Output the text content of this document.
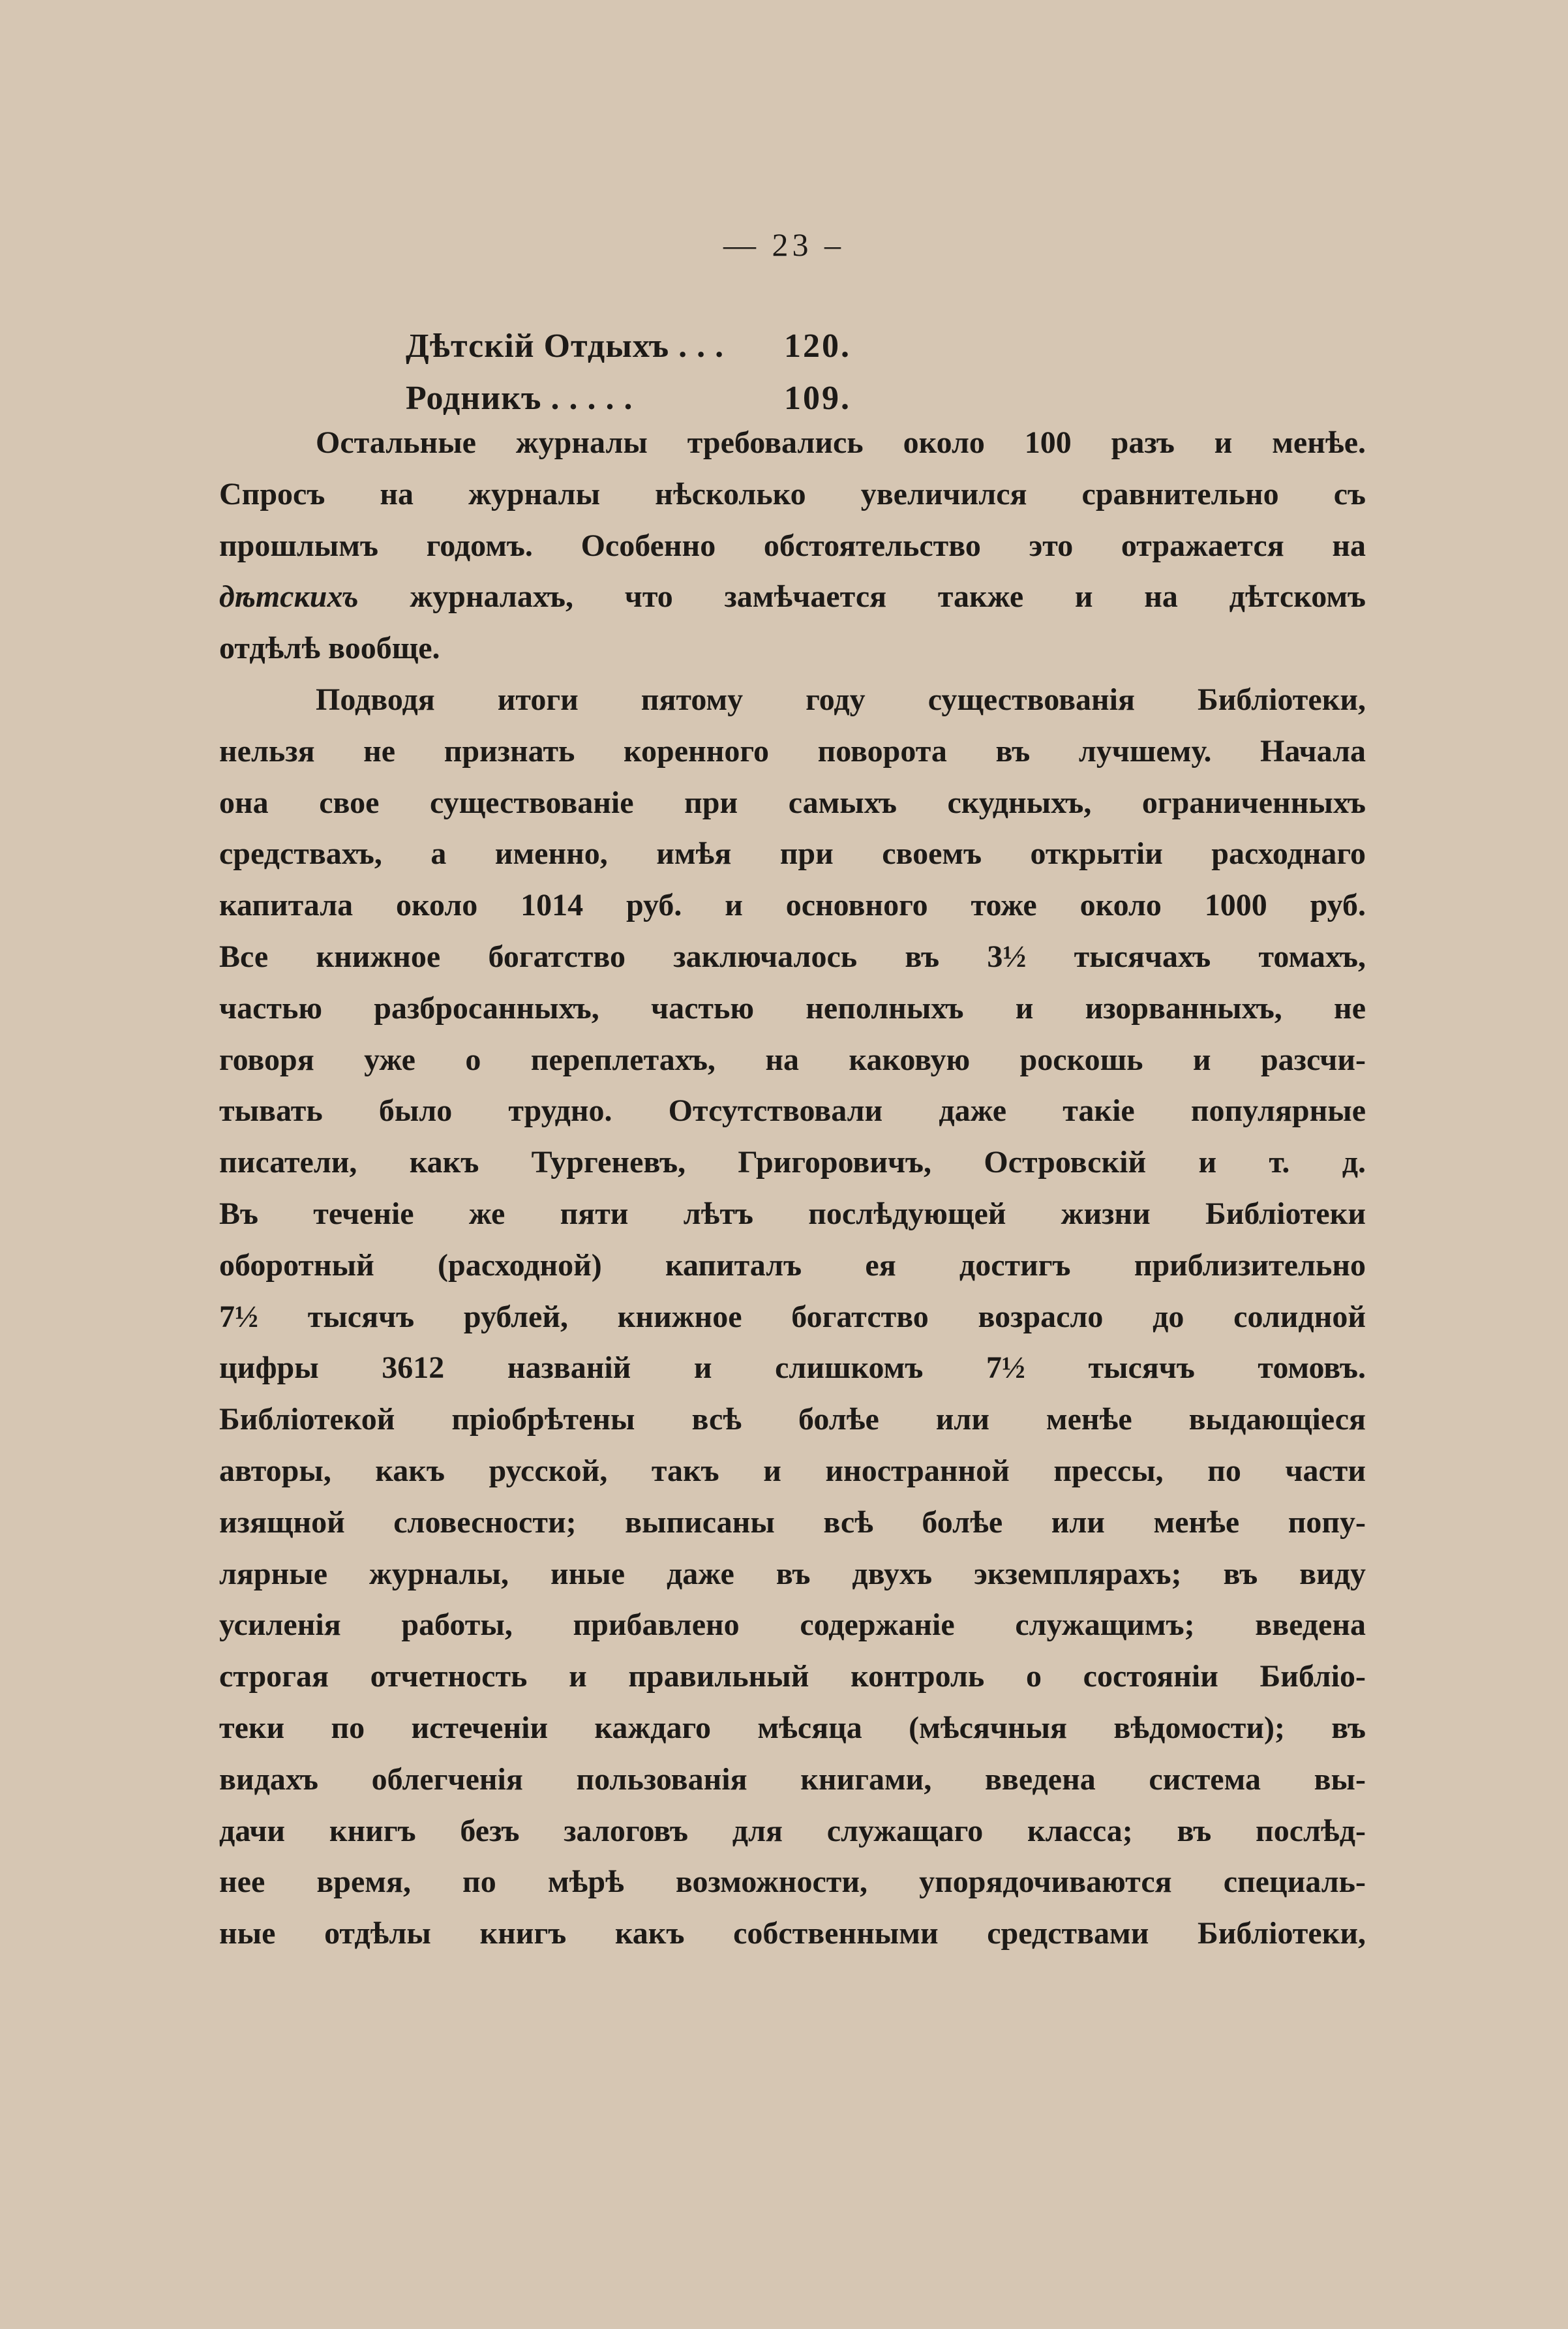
— 23 –
Дѣтскій Отдыхъ . . .	120.
Родникъ . . . . .	109.
Остальные журналы требовались около 100 разъ и менѣе.
Спросъ на журналы нѣсколько увеличился сравнительно съ
прошлымъ годомъ. Особенно обстоятельство это отражается на
дѣтскихъ журналахъ, что замѣчается также и на дѣтскомъ
отдѣлѣ вообще.
Подводя итоги пятому году существованія Библіотеки,
нельзя не признать коренного поворота въ лучшему. Начала
она свое существованіе при самыхъ скудныхъ, ограниченныхъ
средствахъ, а именно, имѣя при своемъ открытіи расходнаго
капитала около 1014 руб. и основного тоже около 1000 руб.
Все книжное богатство заключалось въ 3½ тысячахъ томахъ,
частью разбросанныхъ, частью неполныхъ и изорванныхъ, не
говоря уже о переплетахъ, на каковую роскошь и разсчи-
тывать было трудно. Отсутствовали даже такіе популярные
писатели, какъ Тургеневъ, Григоровичъ, Островскій и т. д.
Въ теченіе же пяти лѣтъ послѣдующей жизни Библіотеки
оборотный (расходной) капиталъ ея достигъ приблизительно
7½ тысячъ рублей, книжное богатство возрасло до солидной
цифры 3612 названій и слишкомъ 7½ тысячъ томовъ.
Библіотекой пріобрѣтены всѣ болѣе или менѣе выдающіеся
авторы, какъ русской, такъ и иностранной прессы, по части
изящной словесности; выписаны всѣ болѣе или менѣе попу-
лярные журналы, иные даже въ двухъ экземплярахъ; въ виду
усиленія работы, прибавлено содержаніе служащимъ; введена
строгая отчетность и правильный контроль о состояніи Библіо-
теки по истеченіи каждаго мѣсяца (мѣсячныя вѣдомости); въ
видахъ облегченія пользованія книгами, введена система вы-
дачи книгъ безъ залоговъ для служащаго класса; въ послѣд-
нее время, по мѣрѣ возможности, упорядочиваются специаль-
ные отдѣлы книгъ какъ собственными средствами Библіотеки,
